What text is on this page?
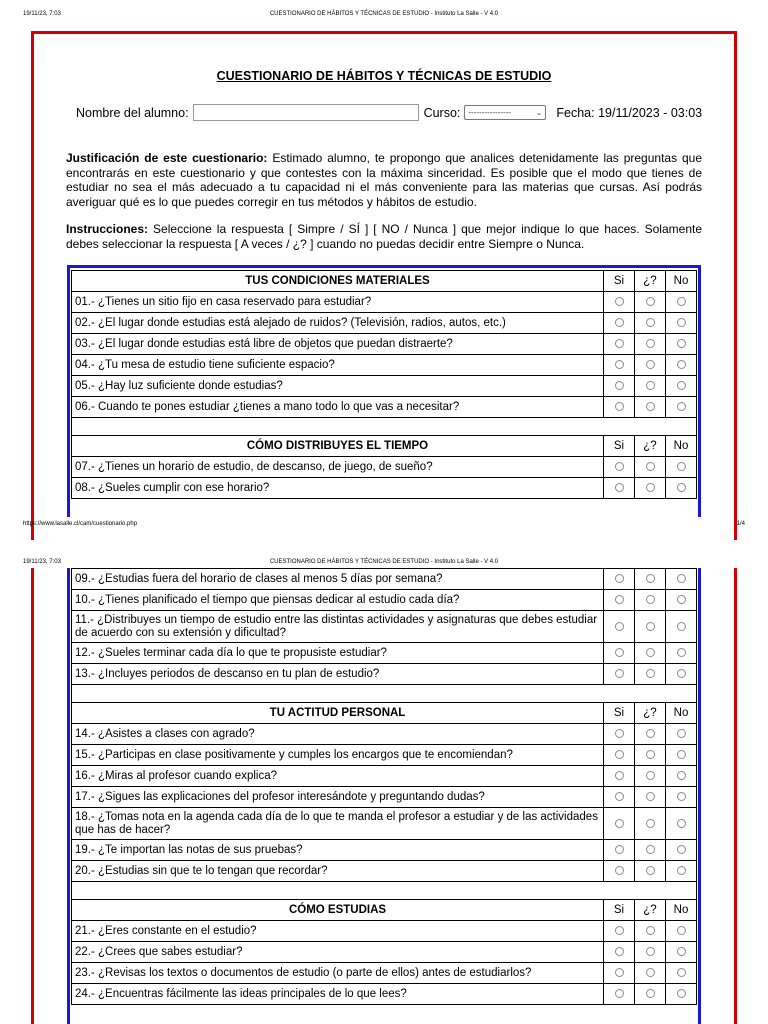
19/11/23, 7:03	CUESTIONARIO DE HÁBITOS Y TÉCNICAS DE ESTUDIO - Instituto La Salle - V 4.0
CUESTIONARIO DE HÁBITOS Y TÉCNICAS DE ESTUDIO
Nombre del alumno:	Curso: ----------------	⌄ Fecha: 19/11/2023 - 03:03
Justificación de este cuestionario: Estimado alumno, te propongo que analices detenidamente las preguntas que encontrarás en este cuestionario y que contestes con la máxima sinceridad. Es posible que el modo que tienes de estudiar no sea el más adecuado a tu capacidad ni el más conveniente para las materias que cursas. Así podrás averiguar qué es lo que puedes corregir en tus métodos y hábitos de estudio.
Instrucciones: Seleccione la respuesta [ Simpre / SÍ ] [ NO / Nunca ] que mejor indique lo que haces. Solamente debes seleccionar la respuesta [ A veces / ¿? ] cuando no puedas decidir entre Siempre o Nunca.
TUS CONDICIONES MATERIALES	Si	¿?	No
01.- ¿Tienes un sitio fijo en casa reservado para estudiar?			
02.- ¿El lugar donde estudias está alejado de ruidos? (Televisión, radios, autos, etc.)			
03.- ¿El lugar donde estudias está libre de objetos que puedan distraerte?			
04.- ¿Tu mesa de estudio tiene suficiente espacio?			
05.- ¿Hay luz suficiente donde estudias?			
06.- Cuando te pones estudiar ¿tienes a mano todo lo que vas a necesitar?			

CÓMO DISTRIBUYES EL TIEMPO	Si	¿?	No
07.- ¿Tienes un horario de estudio, de descanso, de juego, de sueño?			
08.- ¿Sueles cumplir con ese horario?			
https://www.lasalle.cl/cam/cuestionario.php	1/4
19/11/23, 7:03	CUESTIONARIO DE HÁBITOS Y TÉCNICAS DE ESTUDIO - Instituto La Salle - V 4.0
09.- ¿Estudias fuera del horario de clases al menos 5 días por semana?			
10.- ¿Tienes planificado el tiempo que piensas dedicar al estudio cada día?			
11.- ¿Distribuyes un tiempo de estudio entre las distintas actividades y asignaturas que debes estudiar de acuerdo con su extensión y dificultad?			
12.- ¿Sueles terminar cada día lo que te propusiste estudiar?			
13.- ¿Incluyes periodos de descanso en tu plan de estudio?			

TU ACTITUD PERSONAL	Si	¿?	No
14.- ¿Asistes a clases con agrado?			
15.- ¿Participas en clase positivamente y cumples los encargos que te encomiendan?			
16.- ¿Miras al profesor cuando explica?			
17.- ¿Sigues las explicaciones del profesor interesándote y preguntando dudas?			
18.- ¿Tomas nota en la agenda cada día de lo que te manda el profesor a estudiar y de las actividades que has de hacer?			
19.- ¿Te importan las notas de sus pruebas?			
20.- ¿Estudias sin que te lo tengan que recordar?			

CÓMO ESTUDIAS	Si	¿?	No
21.- ¿Eres constante en el estudio?			
22.- ¿Crees que sabes estudiar?			
23.- ¿Revisas los textos o documentos de estudio (o parte de ellos) antes de estudiarlos?			
24.- ¿Encuentras fácilmente las ideas principales de lo que lees?			
